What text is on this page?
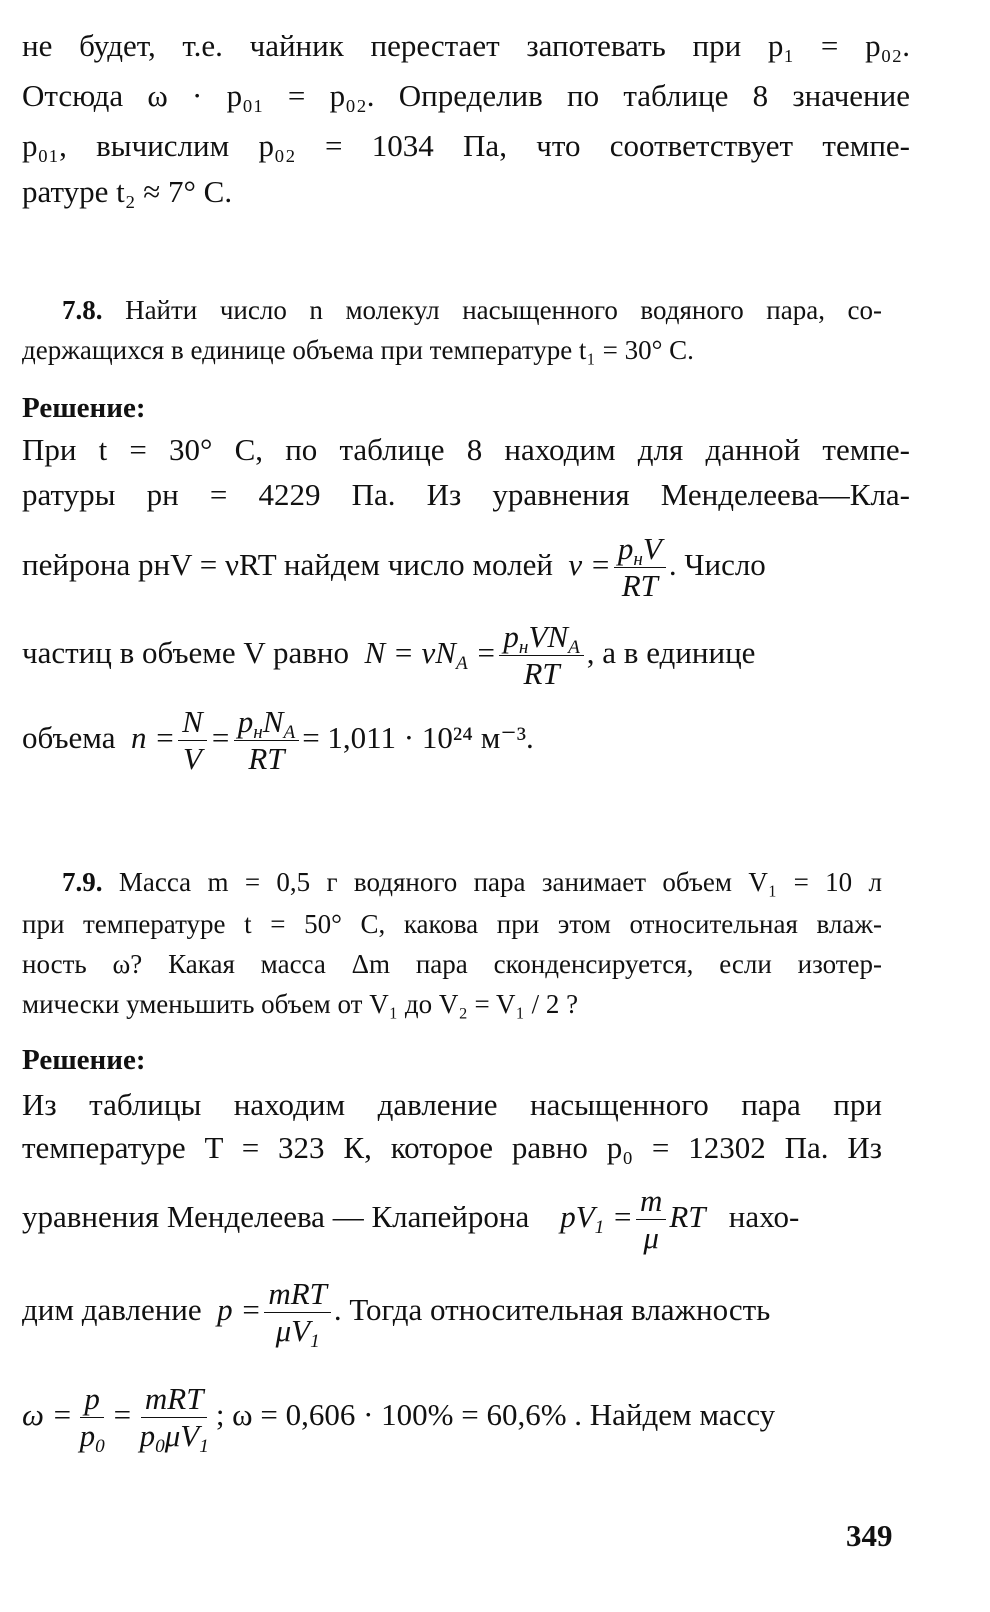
не будет, т.е. чайник перестает запотевать при p₁ = p₀₂.
Отсюда ω · p₀₁ = p₀₂. Определив по таблице 8 значение
p₀₁, вычислим p₀₂ = 1034 Па, что соответствует темпе-
ратуре t₂ ≈ 7° C.
7.8. Найти число n молекул насыщенного водяного пара, со-
держащихся в единице объема при температуре t₁ = 30° C.
Решение:
При t = 30° C, по таблице 8 находим для данной темпе-
ратуры pн = 4229 Па. Из уравнения Менделеева—Кла-
пейрона pнV = νRT найдем число молей  $\nu = \frac{p_нV}{RT}$ . Число
частиц в объеме V равно  $N = \nu N_A = \frac{p_нVN_A}{RT}$ , а в единице
объема  $n = \frac{N}{V} = \frac{p_нN_A}{RT} = 1,011 \cdot 10^{24}$ м⁻³.
7.9. Масса m = 0,5 г водяного пара занимает объем V₁ = 10 л
при температуре t = 50° C, какова при этом относительная влаж-
ность ω? Какая масса Δm пара сконденсируется, если изотер-
мически уменьшить объем от V₁ до V₂ = V₁ / 2 ?
Решение:
Из таблицы находим давление насыщенного пара при
температуре T = 323 К, которое равно p₀ = 12302 Па. Из
уравнения Менделеева — Клапейрона    $pV_1 = \frac{m}{\mu}$ RT   нахо-
дим давление  $p = \frac{\text{mRT}}{\mu V_1}$ . Тогда относительная влажность
$\omega = \frac{p}{p_0} = \frac{\text{mRT}}{p_0\mu V_1}$ ; ω = 0,606 · 100% = 60,6% . Найдем массу
349
